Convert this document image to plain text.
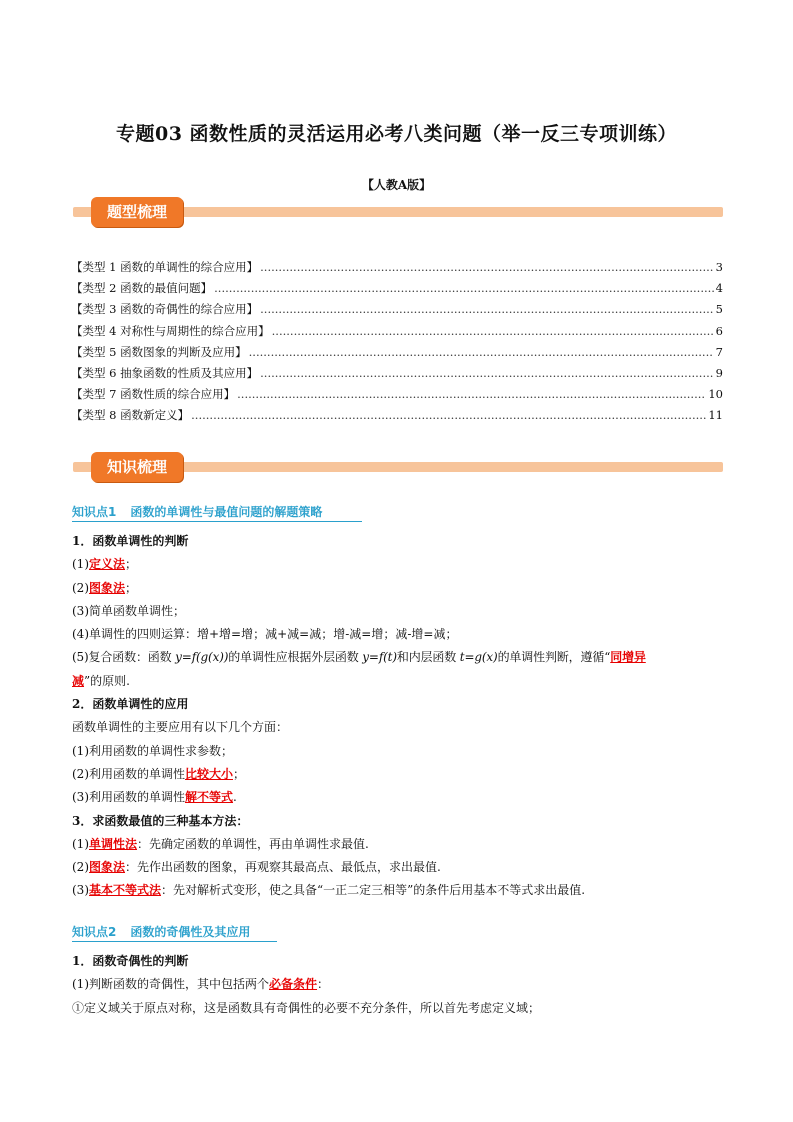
专题03 函数性质的灵活运用必考八类问题（举一反三专项训练）
【人教A版】
题型梳理
【类型 1 函数的单调性的综合应用】 .....	3
【类型 2 函数的最值问题】 .....	4
【类型 3 函数的奇偶性的综合应用】 .....	5
【类型 4 对称性与周期性的综合应用】 .....	6
【类型 5 函数图象的判断及应用】 .....	7
【类型 6 抽象函数的性质及其应用】 .....	9
【类型 7 函数性质的综合应用】 .....	10
【类型 8 函数新定义】 .....	11
知识梳理
知识点1 函数的单调性与最值问题的解题策略
1．函数单调性的判断
(1)定义法；
(2)图象法；
(3)简单函数单调性；
(4)单调性的四则运算：增+增=增；减+减=减；增-减=增；减-增=减；
(5)复合函数：函数 y=f(g(x))的单调性应根据外层函数 y=f(t)和内层函数 t=g(x)的单调性判断，遵循“同增异
减”的原则.
2．函数单调性的应用
函数单调性的主要应用有以下几个方面：
(1)利用函数的单调性求参数；
(2)利用函数的单调性比较大小；
(3)利用函数的单调性解不等式.
3．求函数最值的三种基本方法：
(1)单调性法：先确定函数的单调性，再由单调性求最值.
(2)图象法：先作出函数的图象，再观察其最高点、最低点，求出最值.
(3)基本不等式法：先对解析式变形，使之具备“一正二定三相等”的条件后用基本不等式求出最值.
知识点2 函数的奇偶性及其应用
1．函数奇偶性的判断
(1)判断函数的奇偶性，其中包括两个必备条件：
①定义域关于原点对称，这是函数具有奇偶性的必要不充分条件，所以首先考虑定义域；
